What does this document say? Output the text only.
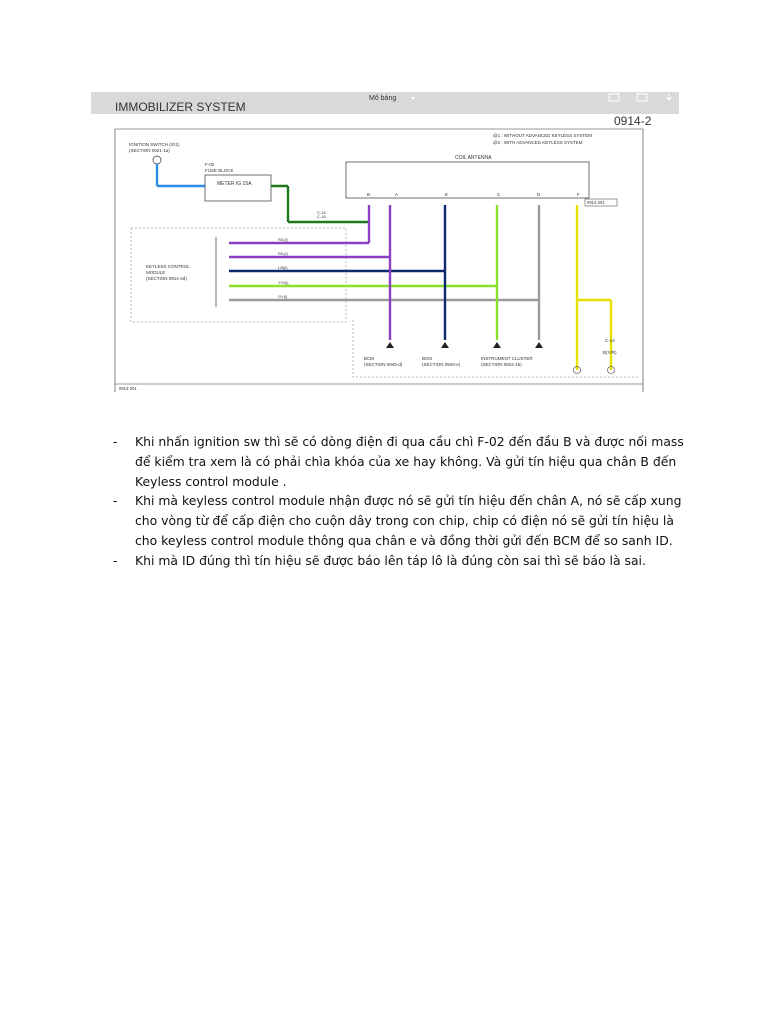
Mô bảng
IMMOBILIZER SYSTEM
0914-2
@1 : WITHOUT ADVANCED KEYLESS SYSTEM
@2 : WITH ADVANCED KEYLESS SYSTEM
IGNITION SWITCH (IG1)
(SECTION 0921-1a)
F-02
FUSE BLOCK
METER IG 15A
C-16
C-16
COIL ANTENNA
B	A	E	C	D	F
0914-201
KEYLESS CONTROL
MODULE
(SECTION 0914-4d)
R/L(l)
R/L(l)
L/B(l)
Y/G(l)
GY(l)
BCM
(SECTION 0940-d)
BCM
(SECTION 0940-e)
INSTRUMENT CLUSTER
(SECTION 0922-1b)
C-14
B(Y/R)
0914-201
- Khi nhấn ignition sw thì sẽ có dòng điện đi qua cầu chì F-02 đến đầu B và được nối mass để kiểm tra xem là có phải chìa khóa của xe hay không. Và gửi tín hiệu qua chân B đến Keyless control module .
- Khi mà keyless control module nhận được nó sẽ gửi tín hiệu đến chân A, nó sẽ cấp xung cho vòng từ để cấp điện cho cuộn dây trong con chip, chip có điện nó sẽ gửi tín hiệu là cho keyless control module thông qua chân e và đồng thời gửi đến BCM để so sanh ID.
- Khi mà ID đúng thì tín hiệu sẽ được báo lên táp lô là đúng còn sai thì sẽ báo là sai.
